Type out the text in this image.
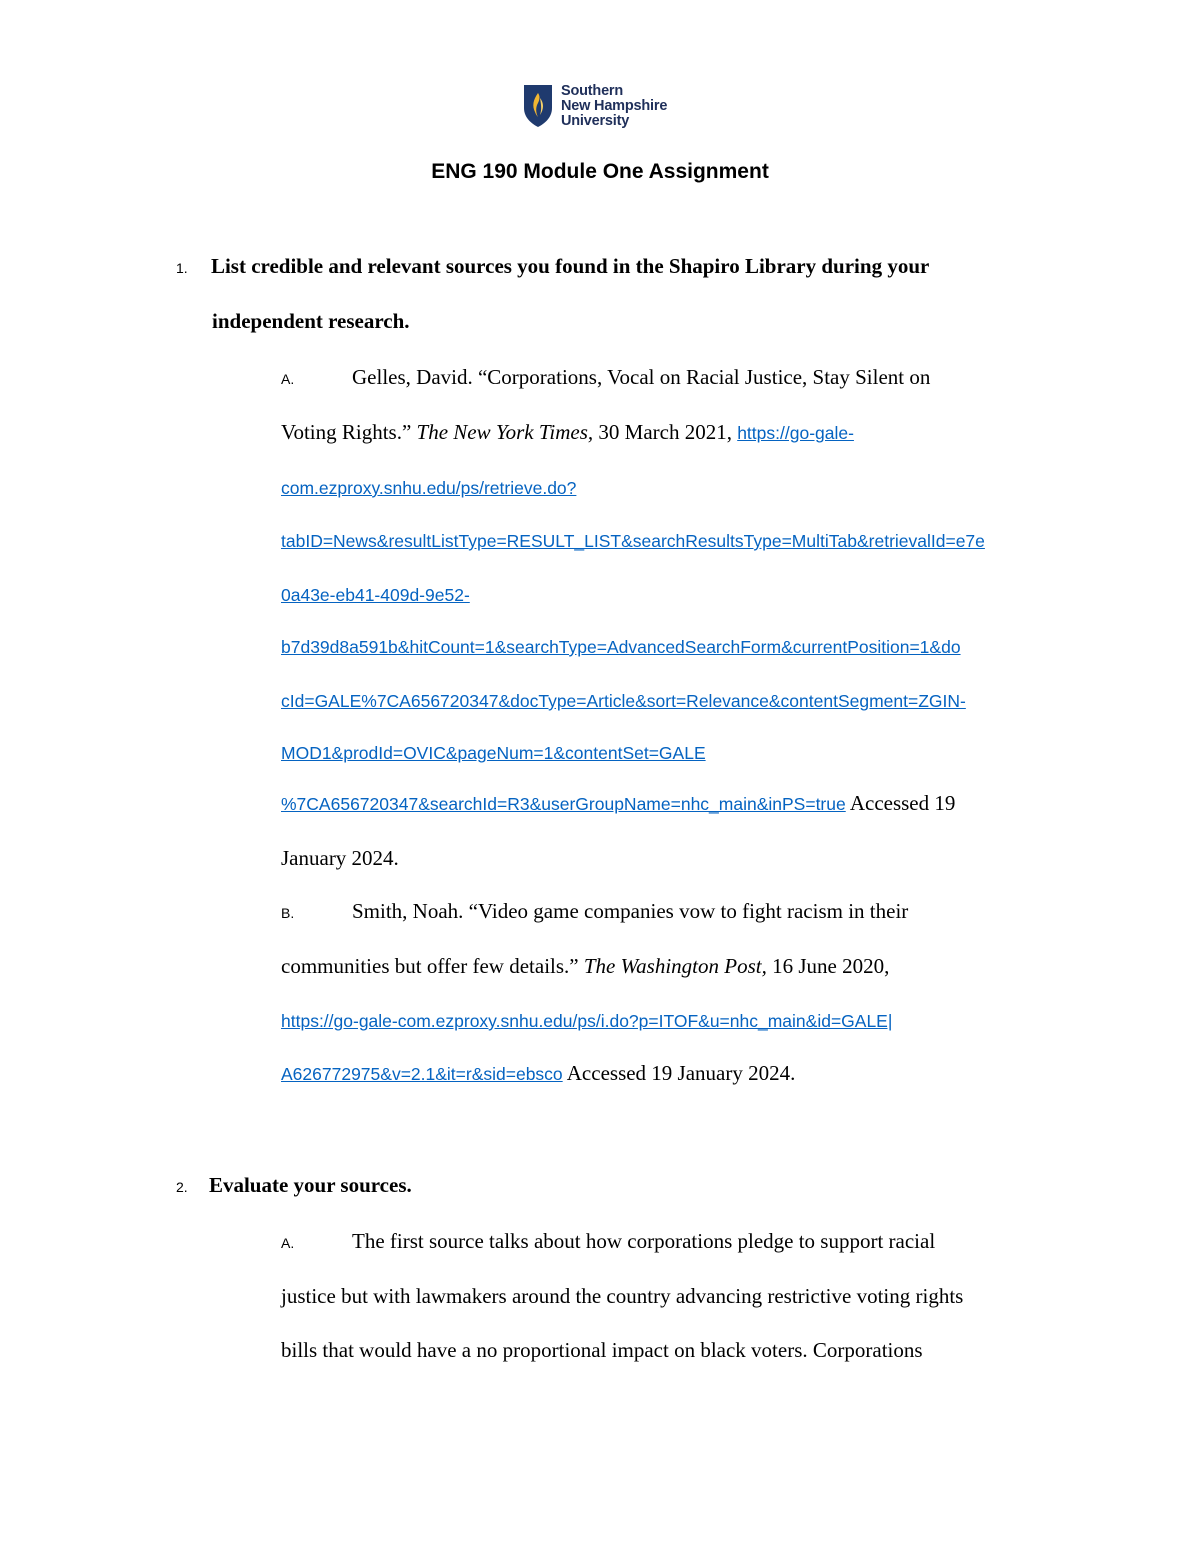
Southern
New Hampshire
University
ENG 190 Module One Assignment
1. List credible and relevant sources you found in the Shapiro Library during your
independent research.
A.	Gelles, David. “Corporations, Vocal on Racial Justice, Stay Silent on
Voting Rights.” The New York Times, 30 March 2021, https://go-gale-
com.ezproxy.snhu.edu/ps/retrieve.do?
tabID=News&resultListType=RESULT_LIST&searchResultsType=MultiTab&retrievalId=e7e
0a43e-eb41-409d-9e52-
b7d39d8a591b&hitCount=1&searchType=AdvancedSearchForm&currentPosition=1&do
cId=GALE%7CA656720347&docType=Article&sort=Relevance&contentSegment=ZGIN-
MOD1&prodId=OVIC&pageNum=1&contentSet=GALE
%7CA656720347&searchId=R3&userGroupName=nhc_main&inPS=true Accessed 19
January 2024.
B.	Smith, Noah. “Video game companies vow to fight racism in their
communities but offer few details.” The Washington Post, 16 June 2020,
https://go-gale-com.ezproxy.snhu.edu/ps/i.do?p=ITOF&u=nhc_main&id=GALE|
A626772975&v=2.1&it=r&sid=ebsco Accessed 19 January 2024.
2. Evaluate your sources.
A.	The first source talks about how corporations pledge to support racial
justice but with lawmakers around the country advancing restrictive voting rights
bills that would have a no proportional impact on black voters. Corporations
